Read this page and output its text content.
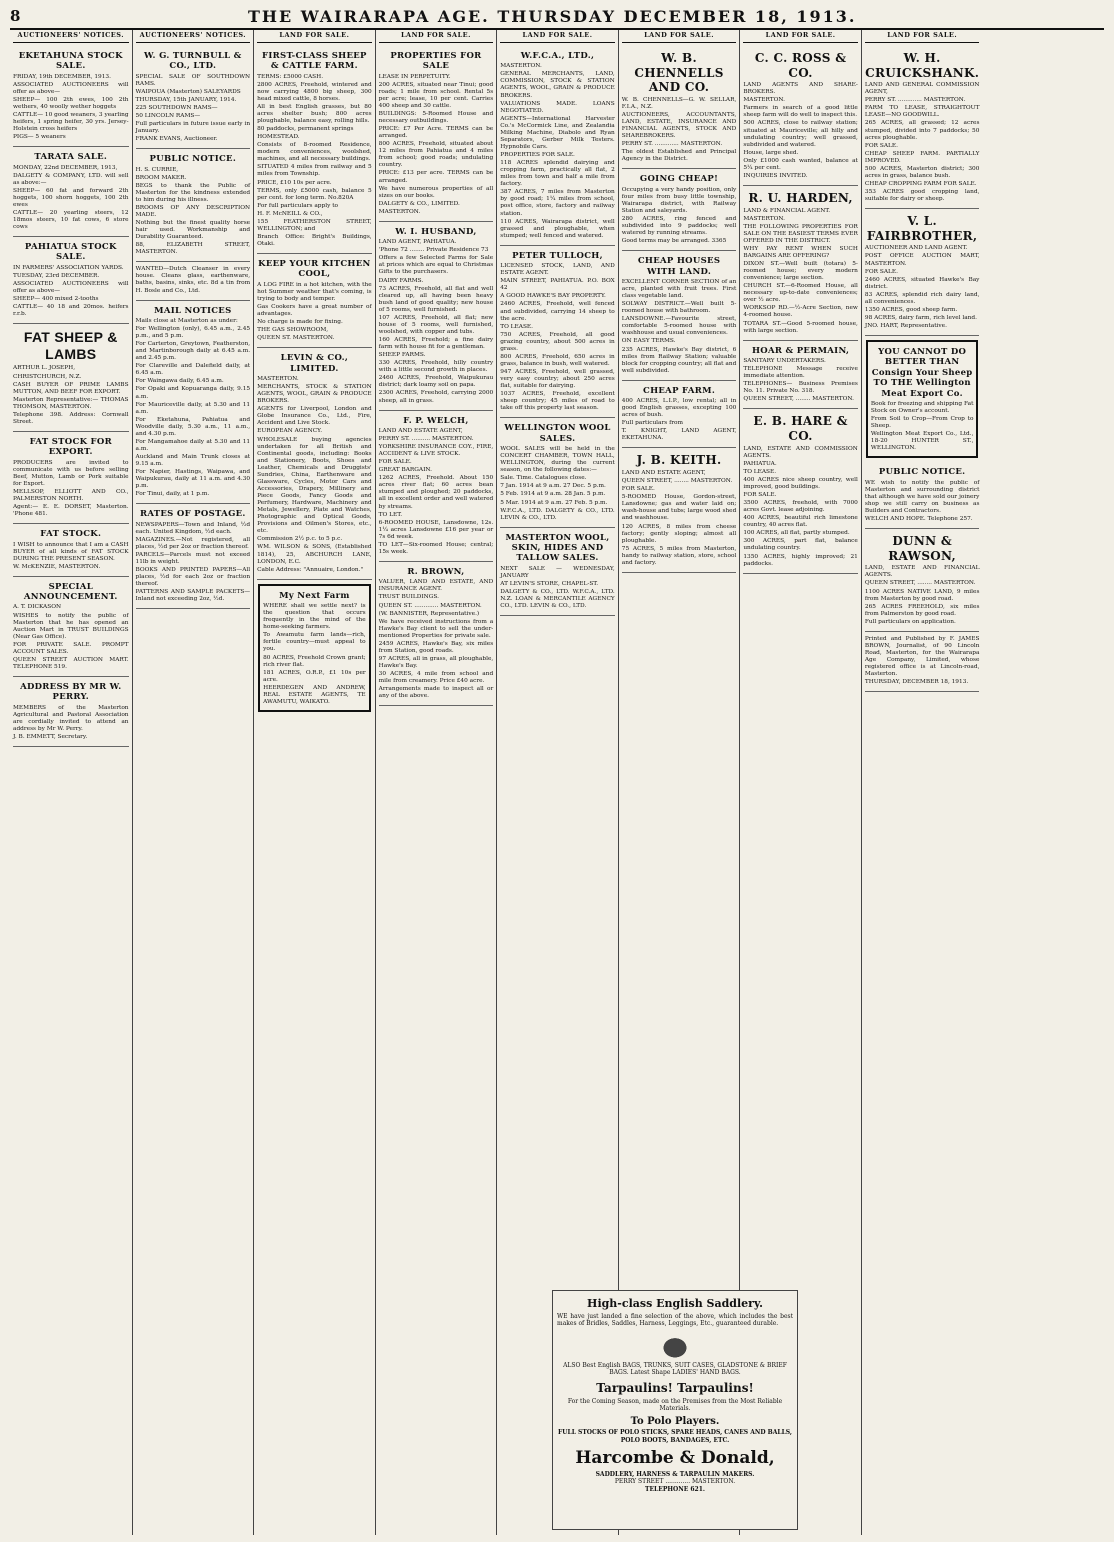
8	THE WAIRARAPA AGE. THURSDAY DECEMBER 18, 1913.
AUCTIONEERS' NOTICES.
EKETAHUNA STOCK SALE.

FRIDAY, 19th DECEMBER, 1913.

ASSOCIATED AUCTIONEERS will offer as above—

SHEEP— 100 2th ewes, 100 2th wethers, 40 woolly wether hoggets

CATTLE— 10 good weaners, 3 yearling heifers, 1 spring heifer, 30 yrs. Jersey-Holstein cross heifers

PIGS— 5 weaners

TARATA SALE.

MONDAY, 22nd DECEMBER, 1913,

DALGETY & COMPANY, LTD. will sell as above:—

SHEEP— 60 fat and forward 2th hoggets, 100 shorn hoggets, 100 2th ewes

CATTLE— 20 yearling steers, 12 18mos steers, 10 fat cows, 6 store cows

PAHIATUA STOCK SALE.

IN FARMERS' ASSOCIATION YARDS.

TUESDAY, 23rd DECEMBER.

ASSOCIATED AUCTIONEERS will offer as above—

SHEEP— 400 mixed 2-tooths

CATTLE— 40 18 and 20mos. heifers r.r.b.

FAT SHEEP & LAMBS

ARTHUR L. JOSEPH,

CHRISTCHURCH, N.Z.

CASH BUYER OF PRIME LAMBS MUTTON, AND BEEF FOR EXPORT.

Masterton Representative:— THOMAS THOMSON, MASTERTON.

Telephone 398. Address: Cornwall Street.

FAT STOCK FOR EXPORT.

PRODUCERS are invited to communicate with us before selling Beef, Mutton, Lamb or Pork suitable for Export.

MELLSOP, ELLIOTT AND CO., PALMERSTON NORTH.

Agent:— E. E. DORSET, Masterton. 'Phone 481.

FAT STOCK.

I WISH to announce that I am a CASH BUYER of all kinds of FAT STOCK DURING THE PRESENT SEASON.

W. McKENZIE, MASTERTON.

SPECIAL ANNOUNCEMENT.

A. T. DICKASON

WISHES to notify the public of Masterton that he has opened an Auction Mart in TRUST BUILDINGS (Near Gas Office).

FOR PRIVATE SALE. PROMPT ACCOUNT SALES.

QUEEN STREET AUCTION MART. TELEPHONE 519.

ADDRESS BY MR W. PERRY.

MEMBERS of the Masterton Agricultural and Pastoral Association are cordially invited to attend an address by Mr W. Perry.

J. B. EMMETT, Secretary.

AUCTIONEERS' NOTICES.
W. G. TURNBULL & CO., LTD.

SPECIAL SALE OF SOUTHDOWN RAMS.

WAIPOUA (Masterton) SALEYARDS

THURSDAY, 15th JANUARY, 1914.

225 SOUTHDOWN RAMS—

50 LINCOLN RAMS—

Full particulars in future issue early in January.

FRANK EVANS, Auctioneer.

PUBLIC NOTICE.

H. S. CURRIE,

BROOM MAKER.

BEGS to thank the Public of Masterton for the kindness extended to him during his illness.

BROOMS OF ANY DESCRIPTION MADE.

Nothing but the finest quality horse hair used. Workmanship and Durability Guaranteed.

88, ELIZABETH STREET, MASTERTON.

WANTED—Dutch Cleanser in every house. Cleans glass, earthenware, baths, basins, sinks, etc. 8d a tin from H. Bosle and Co., Ltd.

MAIL NOTICES

Mails close at Masterton as under:

For Wellington (only), 6.45 a.m., 2.45 p.m., and 5 p.m.

For Carterton, Greytown, Featherston, and Martinborough daily at 6.45 a.m. and 2.45 p.m.

For Clareville and Dalefield daily, at 6.45 a.m.

For Waingawa daily, 6.45 a.m.

For Opaki and Kopuaranga daily, 9.15 a.m.

For Mauriceville daily, at 5.30 and 11 a.m.

For Eketahuna, Pahiatua and Woodville daily, 5.30 a.m., 11 a.m., and 4.30 p.m.

For Mangamahoe daily at 5.30 and 11 a.m.

Auckland and Main Trunk closes at 9.15 a.m.

For Napier, Hastings, Waipawa, and Waipukurau, daily at 11 a.m. and 4.30 p.m.

For Tinui, daily, at 1 p.m.

RATES OF POSTAGE.

NEWSPAPERS—Town and Inland, ½d each. United Kingdom, ½d each.

MAGAZINES.—Not registered, all places, ½d per 2oz or fraction thereof.

PARCELS—Parcels must not exceed 11lb in weight.

BOOKS AND PRINTED PAPERS—All places, ½d for each 2oz or fraction thereof.

PATTERNS AND SAMPLE PACKETS—Inland not exceeding 2oz, ½d.

LAND FOR SALE.
FIRST-CLASS SHEEP & CATTLE FARM.

TERMS: £5000 CASH.

2800 ACRES, Freehold, wintered and now carrying 4800 big sheep, 300 head mixed cattle, 8 horses.

All in best English grasses, but 80 acres shelter bush; 800 acres ploughable, balance easy, rolling hills.

80 paddocks, permanent springs

HOMESTEAD.

Consists of 8-roomed Residence, modern conveniences, woolshed, machines, and all necessary buildings.

SITUATED 4 miles from railway and 5 miles from Township.

PRICE, £10 10s per acre.

TERMS, only £5000 cash, balance 5 per cent. for long term. No.820A

For full particulars apply to

H. F. McNEILL & CO.,

155 FEATHERSTON STREET, WELLINGTON; and

Branch Office: Bright's Buildings, Otaki.

KEEP YOUR KITCHEN COOL,

A LOG FIRE in a hot kitchen, with the hot Summer weather that's coming, is trying to body and temper.

Gas Cookers have a great number of advantages.

No charge is made for fixing.

THE GAS SHOWROOM,

QUEEN ST. MASTERTON.

LEVIN & CO., LIMITED.

MASTERTON.

MERCHANTS, STOCK & STATION AGENTS, WOOL, GRAIN & PRODUCE BROKERS.

AGENTS for Liverpool, London and Globe Insurance Co., Ltd., Fire, Accident and Live Stock.

EUROPEAN AGENCY.

WHOLESALE buying agencies undertaken for all British and Continental goods, including: Books and Stationery, Boots, Shoes and Leather, Chemicals and Druggists' Sundries, China, Earthenware and Glassware, Cycles, Motor Cars and Accessories, Drapery, Millinery and Piece Goods, Fancy Goods and Perfumery, Hardware, Machinery and Metals, Jewellery, Plate and Watches, Photographic and Optical Goods, Provisions and Oilmen's Stores, etc., etc.

Commission 2½ p.c. to 5 p.c.

WM. WILSON & SONS, (Established 1814), 25, ABCHURCH LANE, LONDON, E.C.

Cable Address: "Annuaire, London."

My Next Farm

WHERE shall we settle next? is the question that occurs frequently in the mind of the home-seeking farmers.

To Awamutu farm lands—rich, fertile country—must appeal to you.

80 ACRES, Freehold Crown grant; rich river flat.

181 ACRES, O.R.P., £1 10s per acre.

HEERDEGEN AND ANDREW, REAL ESTATE AGENTS, TE AWAMUTU, WAIKATO.

LAND FOR SALE.
PROPERTIES FOR SALE

LEASE IN PERPETUITY.

200 ACRES, situated near Tinui; good roads; 1 mile from school. Rental 5s per acre; lease, 10 per cent. Carries 400 sheep and 30 cattle.

BUILDINGS: 5-Roomed House and necessary outbuildings.

PRICE: £7 Per Acre. TERMS can be arranged.

800 ACRES, Freehold, situated about 12 miles from Pahiatua and 4 miles from school; good roads; undulating country.

PRICE: £13 per acre. TERMS can be arranged.

We have numerous properties of all sizes on our books.

DALGETY & CO., LIMITED.

MASTERTON.

W. I. HUSBAND,

LAND AGENT, PAHIATUA.

'Phone 72 ........ Private Residence 73

Offers a few Selected Farms for Sale at prices which are equal to Christmas Gifts to the purchasers.

DAIRY FARMS.

73 ACRES, Freehold, all flat and well cleared up, all having been heavy bush land of good quality; new house of 5 rooms, well furnished.

107 ACRES, Freehold, all flat; new house of 5 rooms, well furnished, woolshed, with copper and tubs.

160 ACRES, Freehold; a fine dairy farm with house fit for a gentleman.

SHEEP FARMS.

330 ACRES, Freehold, hilly country with a little second growth in places.

2460 ACRES, Freehold, Waipukurau district; dark loamy soil on papa.

2300 ACRES, Freehold, carrying 2000 sheep, all in grass.

F. P. WELCH,

LAND AND ESTATE AGENT,

PERRY ST. .......... MASTERTON.

YORKSHIRE INSURANCE COY., FIRE, ACCIDENT & LIVE STOCK.

FOR SALE.

GREAT BARGAIN.

1262 ACRES, Freehold. About 150 acres river flat; 60 acres bean stumped and ploughed; 20 paddocks, all in excellent order and well watered by streams.

TO LET.

6-ROOMED HOUSE, Lansdowne, 12s. 1¼ acres Lansdowne £16 per year or 7s 6d week.

TO LET—Six-roomed House; central; 15s week.

R. BROWN,

VALUER, LAND AND ESTATE, AND INSURANCE AGENT.

TRUST BUILDINGS.

QUEEN ST. ............. MASTERTON.

(W. BANNISTER, Representative.)

We have received instructions from a Hawke's Bay client to sell the under-mentioned Properties for private sale.

2459 ACRES, Hawke's Bay, six miles from Station, good roads.

97 ACRES, all in grass, all ploughable, Hawke's Bay.

30 ACRES, 4 mile from school and mile from creamery. Price £40 acre.

Arrangements made to inspect all or any of the above.

LAND FOR SALE.
W.F.C.A., LTD.,

MASTERTON.

GENERAL MERCHANTS, LAND, COMMISSION, STOCK & STATION AGENTS, WOOL, GRAIN & PRODUCE BROKERS.

VALUATIONS MADE. LOANS NEGOTIATED.

AGENTS—International Harvester Co.'s McCormick Line, and Zealandia Milking Machine, Diabolo and Ryan Separators, Gerber Milk Testers. Hypnobile Cars.

PROPERTIES FOR SALE.

118 ACRES splendid dairying and cropping farm, practically all flat, 2 miles from town and half a mile from factory.

387 ACRES, 7 miles from Masterton by good road; 1¼ miles from school, post office, store, factory and railway station.

110 ACRES, Wairarapa district, well grassed and ploughable, when stumped; well fenced and watered.

PETER TULLOCH,

LICENSED STOCK, LAND, AND ESTATE AGENT.

MAIN STREET, PAHIATUA. P.O. BOX 42

A GOOD HAWKE'S BAY PROPERTY.

2460 ACRES, Freehold, well fenced and subdivided, carrying 14 sheep to the acre.

TO LEASE.

750 ACRES, Freehold, all good grazing country, about 500 acres in grass.

800 ACRES, Freehold, 650 acres in grass, balance in bush, well watered.

947 ACRES, Freehold, well grassed, very easy country; about 250 acres flat, suitable for dairying.

1037 ACRES, Freehold, excellent sheep country; 45 miles of road to take off this property last season.

WELLINGTON WOOL SALES.

WOOL SALES will be held in the CONCERT CHAMBER, TOWN HALL, WELLINGTON, during the current season, on the following dates:—

Sale. Time. Catalogues close.

7 Jan. 1914 at 9 a.m. 27 Dec. 5 p.m.

5 Feb. 1914 at 9 a.m. 28 Jan. 5 p.m.

5 Mar. 1914 at 9 a.m. 27 Feb. 5 p.m.

W.F.C.A., LTD. DALGETY & CO., LTD. LEVIN & CO., LTD.

MASTERTON WOOL, SKIN, HIDES AND TALLOW SALES.

NEXT SALE — WEDNESDAY, JANUARY

AT LEVIN'S STORE, CHAPEL-ST.

DALGETY & CO., LTD. W.F.C.A., LTD. N.Z. LOAN & MERCANTILE AGENCY CO., LTD. LEVIN & CO., LTD.

LAND FOR SALE.
W. B. CHENNELLS AND CO.

W. B. CHENNELLS—G. W. SELLAR, F.I.A., N.Z.

AUCTIONEERS, ACCOUNTANTS, LAND, ESTATE, INSURANCE AND FINANCIAL AGENTS, STOCK AND SHAREBROKERS.

PERRY ST. ............. MASTERTON.

The oldest Established and Principal Agency in the District.

GOING CHEAP!

Occupying a very handy position, only four miles from busy little township, Wairarapa district, with Railway Station and saleyards.

280 ACRES, ring fenced and subdivided into 9 paddocks; well watered by running streams.

Good terms may be arranged. 3365

CHEAP HOUSES WITH LAND.

EXCELLENT CORNER SECTION of an acre, planted with fruit trees. First class vegetable land.

SOLWAY DISTRICT.—Well built 5-roomed house with bathroom.

LANSDOWNE.—Favourite street, comfortable 5-roomed house with washhouse and usual conveniences.

ON EASY TERMS.

235 ACRES, Hawke's Bay district, 6 miles from Railway Station; valuable block for cropping country; all flat and well subdivided.

CHEAP FARM.

400 ACRES, L.I.P., low rental; all in good English grasses, excepting 100 acres of bush.

Full particulars from

T. KNIGHT, LAND AGENT, EKETAHUNA.

J. B. KEITH.

LAND AND ESTATE AGENT,

QUEEN STREET, ........ MASTERTON.

FOR SALE.

5-ROOMED House, Gordon-street, Lansdowne; gas and water laid on; wash-house and tubs; large wood shed and washhouse.

120 ACRES, 8 miles from cheese factory; gently sloping; almost all ploughable.

75 ACRES, 5 miles from Masterton, handy to railway station, store, school and factory.

LAND FOR SALE.
C. C. ROSS & CO.

LAND AGENTS AND SHARE-BROKERS.

MASTERTON.

Farmers in search of a good little sheep farm will do well to inspect this.

500 ACRES, close to railway station; situated at Mauriceville; all hilly and undulating country; well grassed, subdivided and watered.

House, large shed.

Only £1000 cash wanted, balance at 5¼ per cent.

INQUIRIES INVITED.

R. U. HARDEN,

LAND & FINANCIAL AGENT.

MASTERTON.

THE FOLLOWING PROPERTIES FOR SALE ON THE EASIEST TERMS EVER OFFERED IN THE DISTRICT.

WHY PAY RENT WHEN SUCH BARGAINS ARE OFFERING?

DIXON ST.—Well built (totara) 5-roomed house; every modern convenience; large section.

CHURCH ST.—6-Roomed House, all necessary up-to-date conveniences; over ½ acre.

WORKSOP RD.—½-Acre Section, new 4-roomed house.

TOTARA ST.—Good 5-roomed house, with large section.

HOAR & PERMAIN,

SANITARY UNDERTAKERS.

TELEPHONE Message receive immediate attention.

TELEPHONES— Business Premises No. 11. Private No. 318.

QUEEN STREET, ........ MASTERTON.

E. B. HARE & CO.

LAND, ESTATE AND COMMISSION AGENTS.

PAHIATUA.

TO LEASE.

400 ACRES nice sheep country, well improved, good buildings.

FOR SALE.

3500 ACRES, freehold, with 7000 acres Govt. lease adjoining.

400 ACRES, beautiful rich limestone country, 40 acres flat.

100 ACRES, all flat, partly stumped.

300 ACRES, part flat, balance undulating country.

1350 ACRES, highly improved; 21 paddocks.

LAND FOR SALE.
W. H. CRUICKSHANK.

LAND AND GENERAL COMMISSION AGENT,

PERRY ST. ............. MASTERTON.

FARM TO LEASE, STRAIGHTOUT LEASE—NO GOODWILL.

265 ACRES, all grassed; 12 acres stumped, divided into 7 paddocks; 50 acres ploughable.

FOR SALE.

CHEAP SHEEP FARM. PARTIALLY IMPROVED.

500 ACRES, Masterton district; 300 acres in grass, balance bush.

CHEAP CROPPING FARM FOR SALE.

353 ACRES good cropping land, suitable for dairy or sheep.

V. L. FAIRBROTHER,

AUCTIONEER AND LAND AGENT.

POST OFFICE AUCTION MART, MASTERTON.

FOR SALE.

2460 ACRES, situated Hawke's Bay district.

83 ACRES, splendid rich dairy land, all conveniences.

1350 ACRES, good sheep farm.

98 ACRES, dairy farm, rich level land.

JNO. HART, Representative.

YOU CANNOT DO BETTER THAN Consign Your Sheep TO THE Wellington Meat Export Co.

Book for freezing and shipping Fat Stock on Owner's account.

From Soil to Crop—From Crop to Sheep.

Wellington Meat Export Co., Ltd., 18-20 HUNTER ST., WELLINGTON.

PUBLIC NOTICE.

WE wish to notify the public of Masterton and surrounding district that although we have sold our joinery shop we still carry on business as Builders and Contractors.

WELCH AND HOPE. Telephone 257.

DUNN & RAWSON,

LAND, ESTATE AND FINANCIAL AGENTS.

QUEEN STREET, ........ MASTERTON.

1100 ACRES NATIVE LAND, 9 miles from Masterton by good road.

265 ACRES FREEHOLD, six miles from Palmerston by good road.

Full particulars on application.

Printed and Published by F. JAMES BROWN, Journalist, of 90 Lincoln Road, Masterton, for the Wairarapa Age Company, Limited, whose registered office is at Lincoln-road, Masterton.

THURSDAY, DECEMBER 18, 1913.

High-class English Saddlery.
WE have just landed a fine selection of the above, which includes the best makes of Bridles, Saddles, Harness, Leggings, Etc., guaranteed durable.
ALSO Best English BAGS, TRUNKS, SUIT CASES, GLADSTONE & BRIEF BAGS. Latest Shape LADIES' HAND BAGS.
Tarpaulins! Tarpaulins!
For the Coming Season, made on the Premises from the Most Reliable Materials.
To Polo Players.
FULL STOCKS OF POLO STICKS, SPARE HEADS, CANES AND BALLS, POLO BOOTS, BANDAGES, ETC.
Harcombe & Donald,
SADDLERY, HARNESS & TARPAULIN MAKERS.
PERRY STREET ............. MASTERTON.
TELEPHONE 621.
